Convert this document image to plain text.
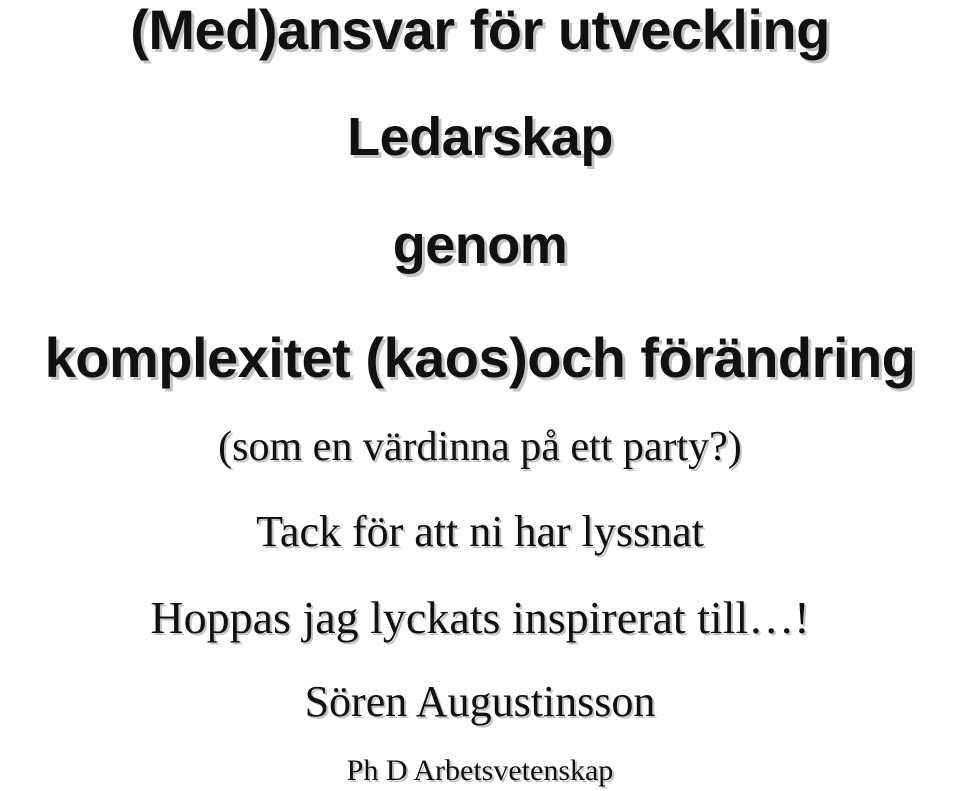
(Med)ansvar för utveckling
Ledarskap
genom
komplexitet (kaos)och förändring
(som en värdinna på ett party?)
Tack för att ni har lyssnat
Hoppas jag lyckats inspirerat till…!
Sören Augustinsson
Ph D Arbetsvetenskap
